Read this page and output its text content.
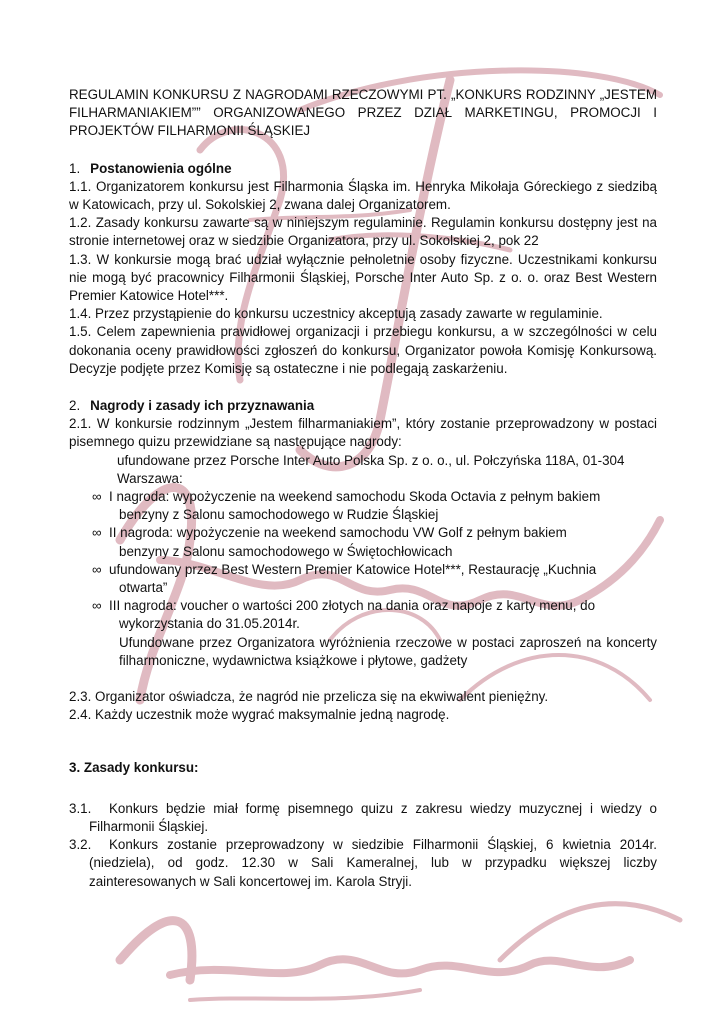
REGULAMIN KONKURSU Z NAGRODAMI RZECZOWYMI PT. „KONKURS RODZINNY „JESTEM FILHARMANIAKIEM”” ORGANIZOWANEGO PRZEZ DZIAŁ MARKETINGU, PROMOCJI I PROJEKTÓW FILHARMONII ŚLĄSKIEJ

1. Postanowienia ogólne

1.1. Organizatorem konkursu jest Filharmonia Śląska im. Henryka Mikołaja Góreckiego z siedzibą w Katowicach, przy ul. Sokolskiej 2, zwana dalej Organizatorem.

1.2. Zasady konkursu zawarte są w niniejszym regulaminie. Regulamin konkursu dostępny jest na stronie internetowej oraz w siedzibie Organizatora, przy ul. Sokolskiej 2, pok 22

1.3. W konkursie mogą brać udział wyłącznie pełnoletnie osoby fizyczne. Uczestnikami konkursu nie mogą być pracownicy Filharmonii Śląskiej, Porsche Inter Auto Sp. z o. o. oraz Best Western Premier Katowice Hotel***.

1.4. Przez przystąpienie do konkursu uczestnicy akceptują zasady zawarte w regulaminie.

1.5. Celem zapewnienia prawidłowej organizacji i przebiegu konkursu, a w szczególności w celu dokonania oceny prawidłowości zgłoszeń do konkursu, Organizator powoła Komisję Konkursową. Decyzje podjęte przez Komisję są ostateczne i nie podlegają zaskarżeniu.

2. Nagrody i zasady ich przyznawania

2.1. W konkursie rodzinnym „Jestem filharmaniakiem”, który zostanie przeprowadzony w postaci pisemnego quizu przewidziane są następujące nagrody:

ufundowane przez Porsche Inter Auto Polska Sp. z o. o., ul. Połczyńska 118A, 01-304 Warszawa:

∞ I nagroda: wypożyczenie na weekend samochodu Skoda Octavia z pełnym bakiem
benzyny z Salonu samochodowego w Rudzie Śląskiej
∞ II nagroda: wypożyczenie na weekend samochodu VW Golf z pełnym bakiem
benzyny z Salonu samochodowego w Świętochłowicach
∞ ufundowany przez Best Western Premier Katowice Hotel***, Restaurację „Kuchnia
otwarta”
∞ III nagroda: voucher o wartości 200 złotych na dania oraz napoje z karty menu, do
wykorzystania do 31.05.2014r.
Ufundowane przez Organizatora wyróżnienia rzeczowe w postaci zaproszeń na koncerty filharmoniczne, wydawnictwa książkowe i płytowe, gadżety

2.3. Organizator oświadcza, że nagród nie przelicza się na ekwiwalent pieniężny.

2.4. Każdy uczestnik może wygrać maksymalnie jedną nagrodę.

3. Zasady konkursu:

3.1. Konkurs będzie miał formę pisemnego quizu z zakresu wiedzy muzycznej i wiedzy o Filharmonii Śląskiej.

3.2. Konkurs zostanie przeprowadzony w siedzibie Filharmonii Śląskiej, 6 kwietnia 2014r. (niedziela), od godz. 12.30 w Sali Kameralnej, lub w przypadku większej liczby zainteresowanych w Sali koncertowej im. Karola Stryji.
